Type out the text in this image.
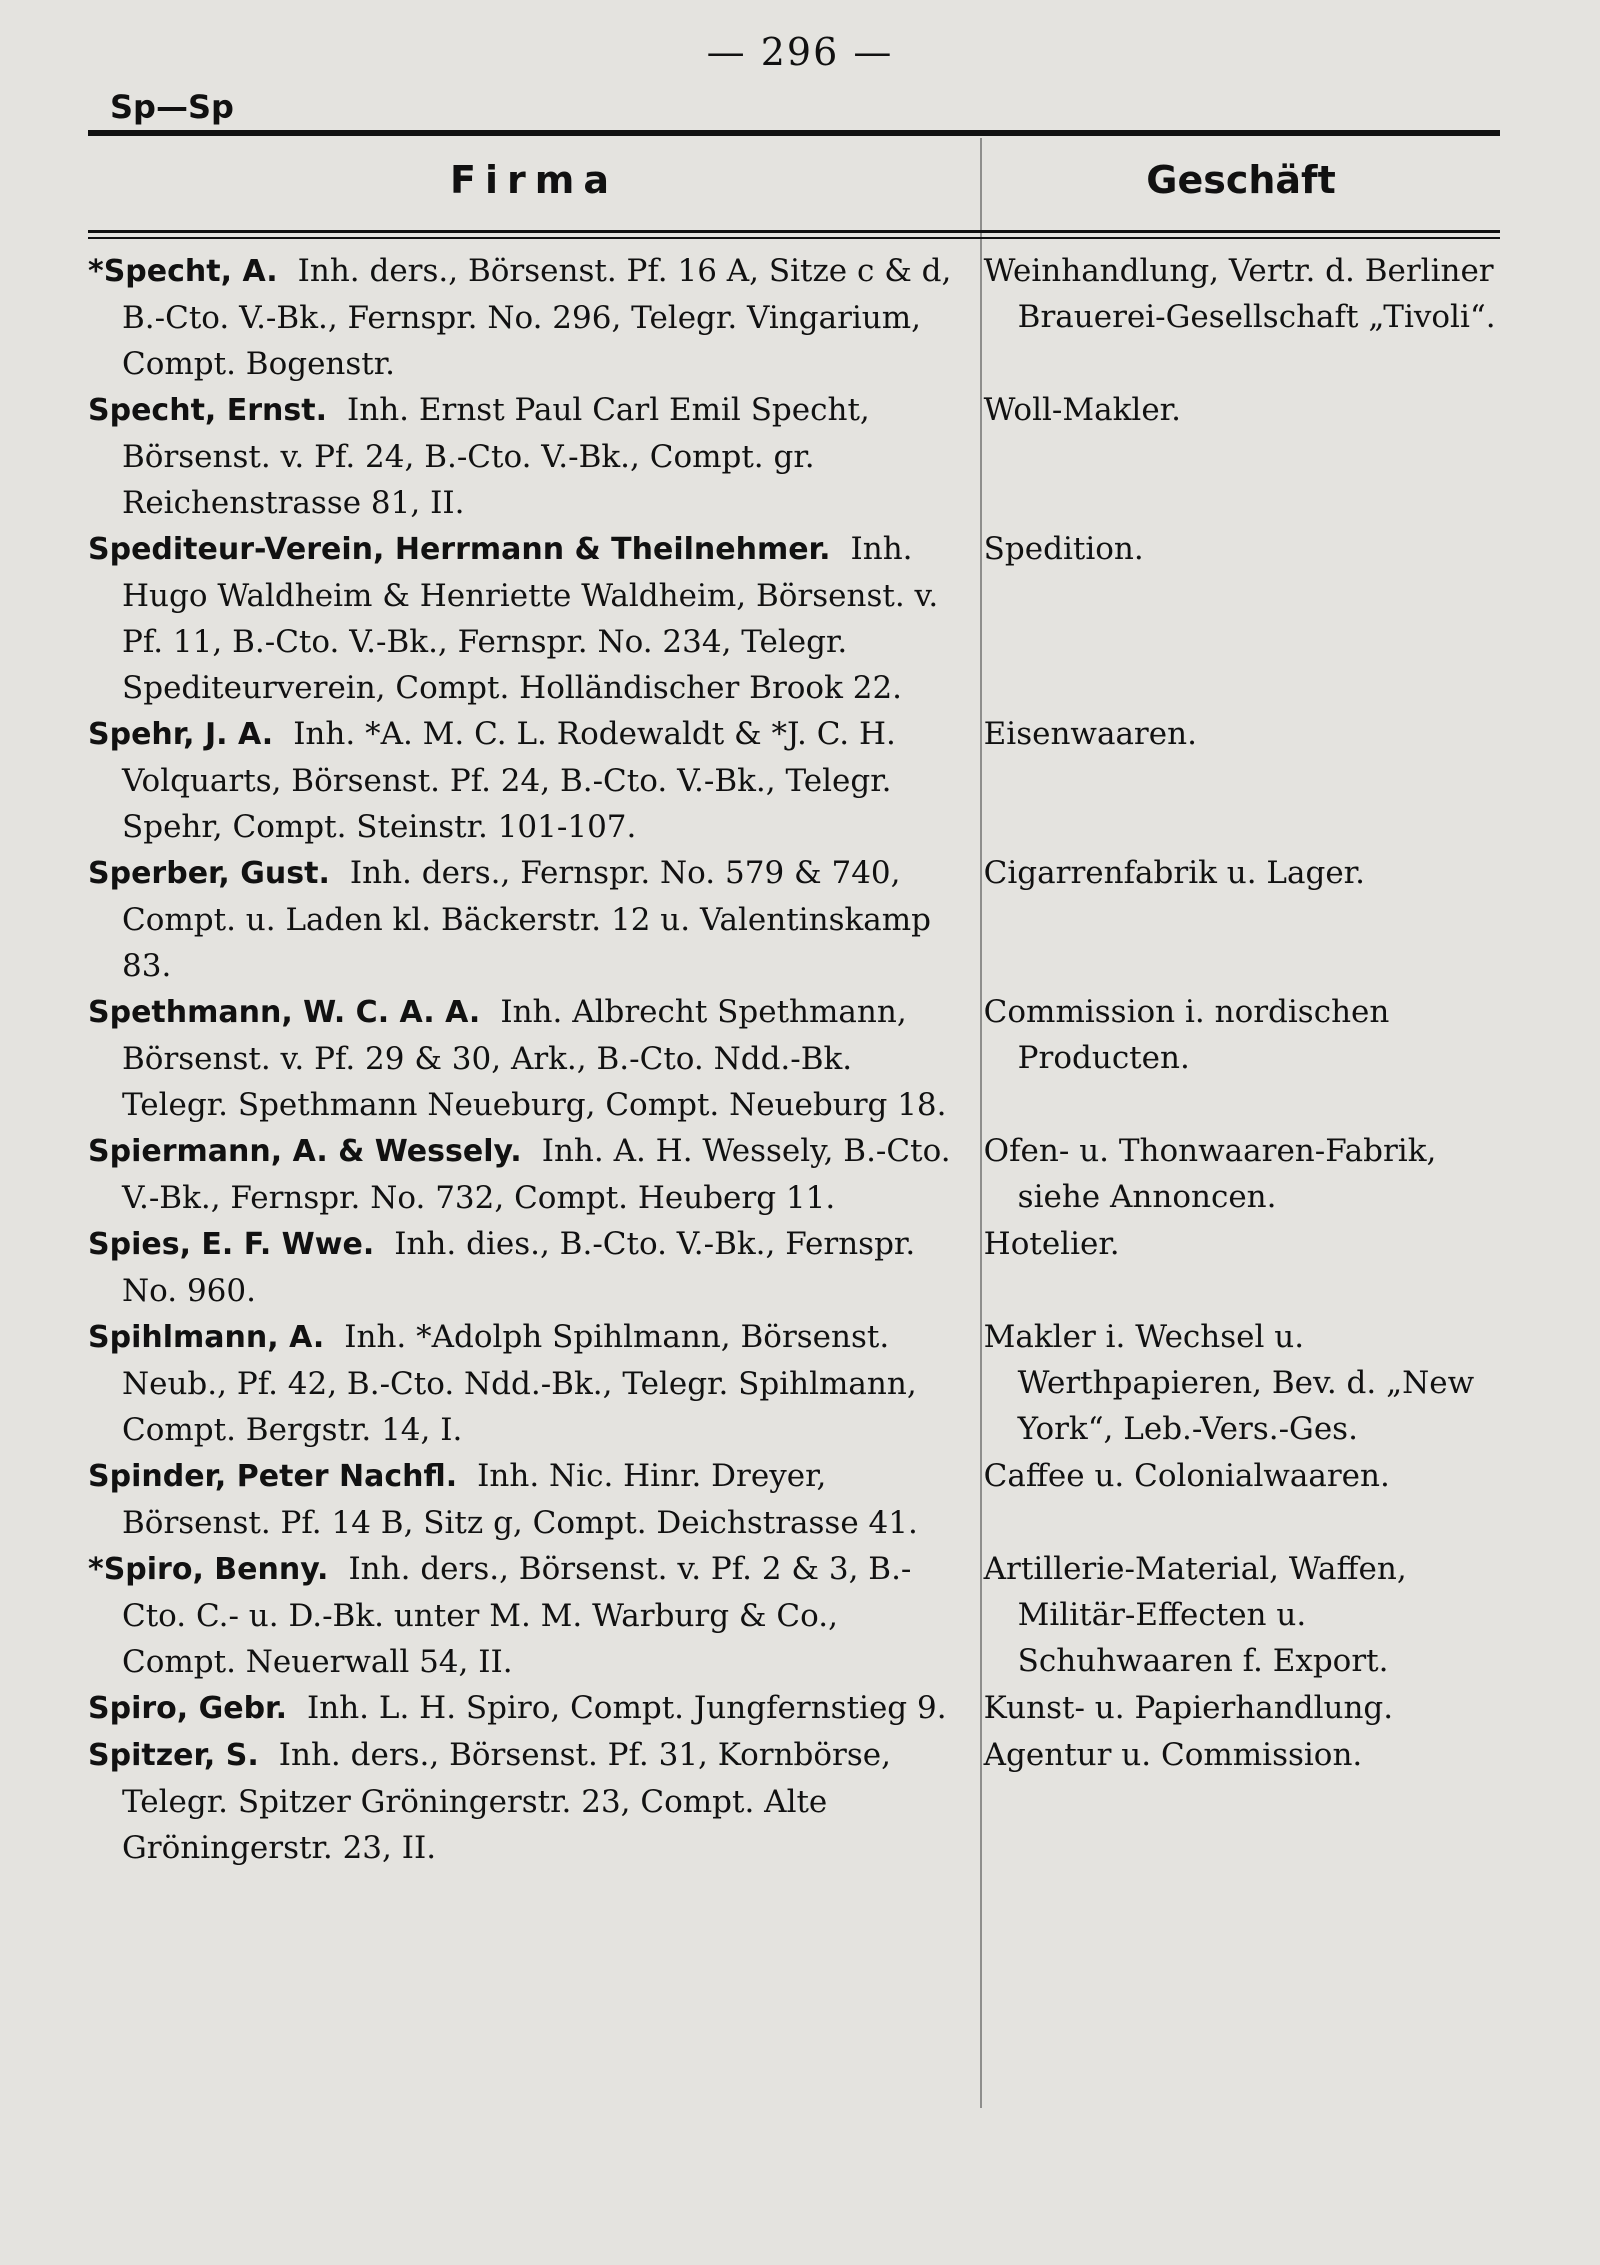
— 296 —
Sp—Sp
Firma	Geschäft
*Specht, A. Inh. ders., Börsenst. Pf. 16 A, Sitze c & d, B.-Cto. V.-Bk., Fernspr. No. 296, Telegr. Vingarium, Compt. Bogenstr.
Weinhandlung, Vertr. d. Berliner Brauerei-Gesellschaft „Tivoli“.
Specht, Ernst. Inh. Ernst Paul Carl Emil Specht, Börsenst. v. Pf. 24, B.-Cto. V.-Bk., Compt. gr. Reichenstrasse 81, II.
Woll-Makler.
Spediteur-Verein, Herrmann & Theilnehmer. Inh. Hugo Waldheim & Henriette Waldheim, Börsenst. v. Pf. 11, B.-Cto. V.-Bk., Fernspr. No. 234, Telegr. Spediteurverein, Compt. Holländischer Brook 22.
Spedition.
Spehr, J. A. Inh. *A. M. C. L. Rodewaldt & *J. C. H. Volquarts, Börsenst. Pf. 24, B.-Cto. V.-Bk., Telegr. Spehr, Compt. Steinstr. 101-107.
Eisenwaaren.
Sperber, Gust. Inh. ders., Fernspr. No. 579 & 740, Compt. u. Laden kl. Bäckerstr. 12 u. Valentinskamp 83.
Cigarrenfabrik u. Lager.
Spethmann, W. C. A. A. Inh. Albrecht Spethmann, Börsenst. v. Pf. 29 & 30, Ark., B.-Cto. Ndd.-Bk. Telegr. Spethmann Neueburg, Compt. Neueburg 18.
Commission i. nordischen Producten.
Spiermann, A. & Wessely. Inh. A. H. Wessely, B.-Cto. V.-Bk., Fernspr. No. 732, Compt. Heuberg 11.
Ofen- u. Thonwaaren-Fabrik, siehe Annoncen.
Spies, E. F. Wwe. Inh. dies., B.-Cto. V.-Bk., Fernspr. No. 960.
Hotelier.
Spihlmann, A. Inh. *Adolph Spihlmann, Börsenst. Neub., Pf. 42, B.-Cto. Ndd.-Bk., Telegr. Spihlmann, Compt. Bergstr. 14, I.
Makler i. Wechsel u. Werthpapieren, Bev. d. „New York“, Leb.-Vers.-Ges.
Spinder, Peter Nachfl. Inh. Nic. Hinr. Dreyer, Börsenst. Pf. 14 B, Sitz g, Compt. Deichstrasse 41.
Caffee u. Colonialwaaren.
*Spiro, Benny. Inh. ders., Börsenst. v. Pf. 2 & 3, B.-Cto. C.- u. D.-Bk. unter M. M. Warburg & Co., Compt. Neuerwall 54, II.
Artillerie-Material, Waffen, Militär-Effecten u. Schuhwaaren f. Export.
Spiro, Gebr. Inh. L. H. Spiro, Compt. Jungfernstieg 9. Kunst- u. Papierhandlung.
Spitzer, S. Inh. ders., Börsenst. Pf. 31, Kornbörse, Telegr. Spitzer Gröningerstr. 23, Compt. Alte Gröningerstr. 23, II.
Agentur u. Commission.
